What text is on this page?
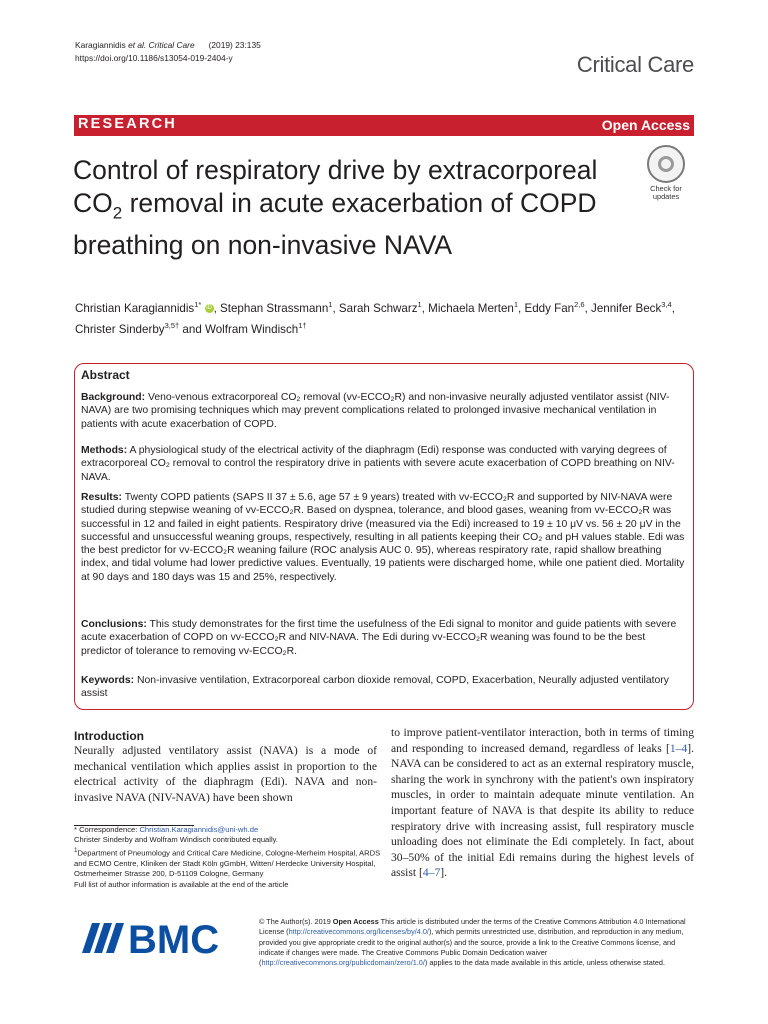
Karagiannidis et al. Critical Care (2019) 23:135
https://doi.org/10.1186/s13054-019-2404-y	Critical Care
RESEARCH	Open Access
Control of respiratory drive by extracorporeal $CO_2$ removal in acute exacerbation of COPD breathing on non-invasive NAVA
Check for
updates
Christian Karagiannidis$^{1*}$ iD , Stephan Strassmann$^1$, Sarah Schwarz$^1$, Michaela Merten$^1$, Eddy Fan$^{2,6}$, Jennifer Beck$^{3,4}$, Christer Sinderby$^{3,5\dagger}$ and Wolfram Windisch$^{1\dagger}$
Abstract
Background: Veno-venous extracorporeal CO₂ removal (vv-ECCO₂R) and non-invasive neurally adjusted ventilator assist (NIV-NAVA) are two promising techniques which may prevent complications related to prolonged invasive mechanical ventilation in patients with acute exacerbation of COPD.
Methods: A physiological study of the electrical activity of the diaphragm (Edi) response was conducted with varying degrees of extracorporeal CO₂ removal to control the respiratory drive in patients with severe acute exacerbation of COPD breathing on NIV-NAVA.
Results: Twenty COPD patients (SAPS II 37 ± 5.6, age 57 ± 9 years) treated with vv-ECCO₂R and supported by NIV-NAVA were studied during stepwise weaning of vv-ECCO₂R. Based on dyspnea, tolerance, and blood gases, weaning from vv-ECCO₂R was successful in 12 and failed in eight patients. Respiratory drive (measured via the Edi) increased to 19 ± 10 μV vs. 56 ± 20 μV in the successful and unsuccessful weaning groups, respectively, resulting in all patients keeping their CO₂ and pH values stable. Edi was the best predictor for vv-ECCO₂R weaning failure (ROC analysis AUC 0. 95), whereas respiratory rate, rapid shallow breathing index, and tidal volume had lower predictive values. Eventually, 19 patients were discharged home, while one patient died. Mortality at 90 days and 180 days was 15 and 25%, respectively.
Conclusions: This study demonstrates for the first time the usefulness of the Edi signal to monitor and guide patients with severe acute exacerbation of COPD on vv-ECCO₂R and NIV-NAVA. The Edi during vv-ECCO₂R weaning was found to be the best predictor of tolerance to removing vv-ECCO₂R.
Keywords: Non-invasive ventilation, Extracorporeal carbon dioxide removal, COPD, Exacerbation, Neurally adjusted ventilatory assist
Introduction
Neurally adjusted ventilatory assist (NAVA) is a mode of mechanical ventilation which applies assist in proportion to the electrical activity of the diaphragm (Edi). NAVA and non-invasive NAVA (NIV-NAVA) have been shown
to improve patient-ventilator interaction, both in terms of timing and responding to increased demand, regardless of leaks [1–4]. NAVA can be considered to act as an external respiratory muscle, sharing the work in synchrony with the patient's own inspiratory muscles, in order to maintain adequate minute ventilation. An important feature of NAVA is that despite its ability to reduce respiratory drive with increasing assist, full respiratory muscle unloading does not eliminate the Edi completely. In fact, about 30–50% of the initial Edi remains during the highest levels of assist [4–7].
* Correspondence: Christian.Karagiannidis@uni-wh.de
Christer Sinderby and Wolfram Windisch contributed equally.
$^1$Department of Pneumology and Critical Care Medicine, Cologne-Merheim Hospital, ARDS and ECMO Centre, Kliniken der Stadt Köln gGmbH, Witten/ Herdecke University Hospital, Ostmerheimer Strasse 200, D-51109 Cologne, Germany
Full list of author information is available at the end of the article
BMC	© The Author(s). 2019 Open Access This article is distributed under the terms of the Creative Commons Attribution 4.0 International License (http://creativecommons.org/licenses/by/4.0/), which permits unrestricted use, distribution, and reproduction in any medium, provided you give appropriate credit to the original author(s) and the source, provide a link to the Creative Commons license, and indicate if changes were made. The Creative Commons Public Domain Dedication waiver (http://creativecommons.org/publicdomain/zero/1.0/) applies to the data made available in this article, unless otherwise stated.
